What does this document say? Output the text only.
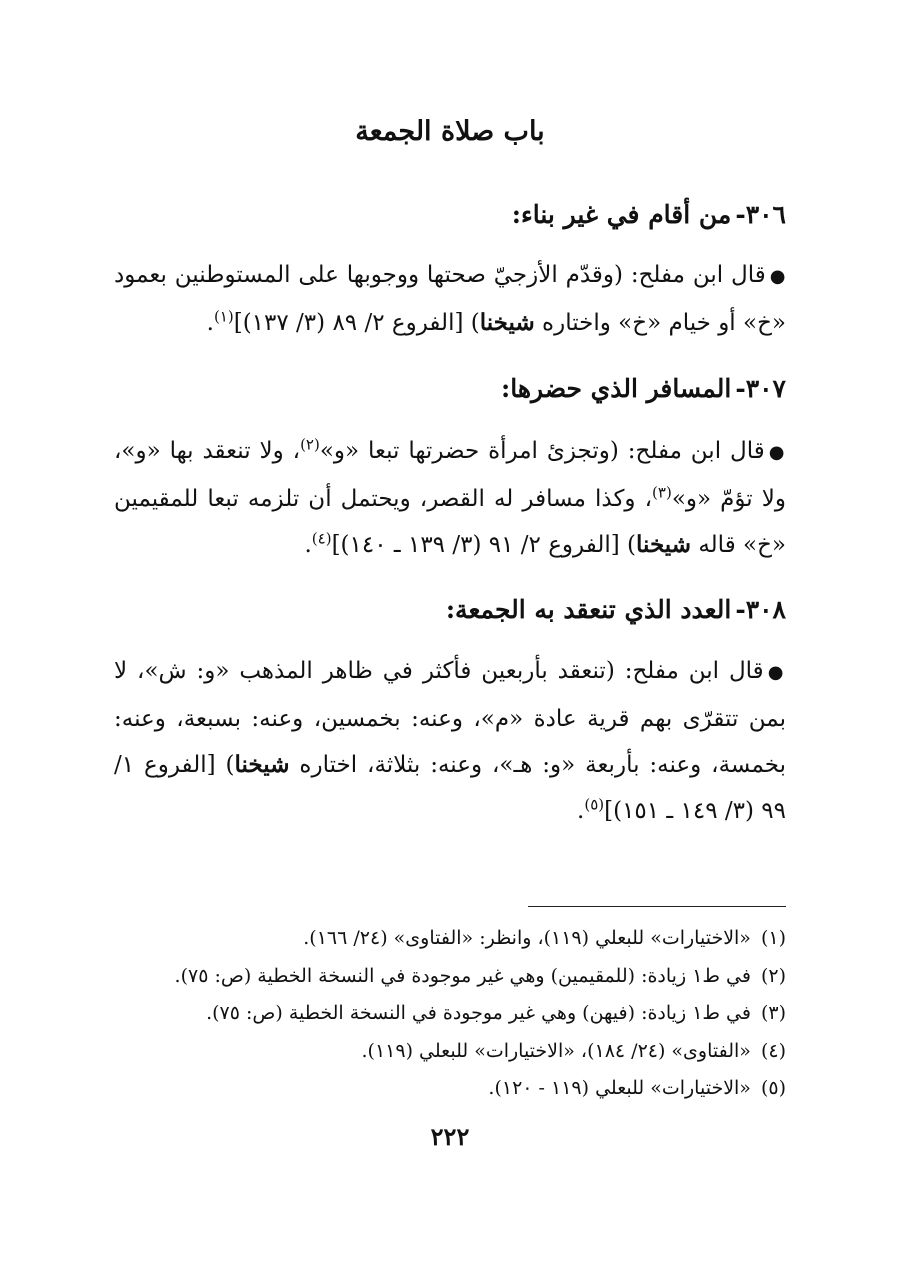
باب صلاة الجمعة
٣٠٦-من أقام في غير بناء:
●قال ابن مفلح: (وقدّم الأزجيّ صحتها ووجوبها على المستوطنين بعمود «خ» أو خيام «خ» واختاره شيخنا) [الفروع ٢/ ٨٩ (٣/ ١٣٧)]$^{(١)}$.
٣٠٧-المسافر الذي حضرها:
●قال ابن مفلح: (وتجزئ امرأة حضرتها تبعا «و»$^{(٢)}$، ولا تنعقد بها «و»، ولا تؤمّ «و»$^{(٣)}$، وكذا مسافر له القصر، ويحتمل أن تلزمه تبعا للمقيمين «خ» قاله شيخنا) [الفروع ٢/ ٩١ (٣/ ١٣٩ ـ ١٤٠)]$^{(٤)}$.
٣٠٨-العدد الذي تنعقد به الجمعة:
●قال ابن مفلح: (تنعقد بأربعين فأكثر في ظاهر المذهب «و: ش»، لا بمن تتقرّى بهم قرية عادة «م»، وعنه: بخمسين، وعنه: بسبعة، وعنه: بخمسة، وعنه: بأربعة «و: هـ»، وعنه: بثلاثة، اختاره شيخنا) [الفروع ١/ ٩٩ (٣/ ١٤٩ ـ ١٥١)]$^{(٥)}$.
(١)«الاختيارات» للبعلي (١١٩)، وانظر: «الفتاوى» (٢٤/ ١٦٦).
(٢)في ط١ زيادة: (للمقيمين) وهي غير موجودة في النسخة الخطية (ص: ٧٥).
(٣)في ط١ زيادة: (فيهن) وهي غير موجودة في النسخة الخطية (ص: ٧٥).
(٤)«الفتاوى» (٢٤/ ١٨٤)، «الاختيارات» للبعلي (١١٩).
(٥)«الاختيارات» للبعلي (١١٩ - ١٢٠).
٢٢٢
